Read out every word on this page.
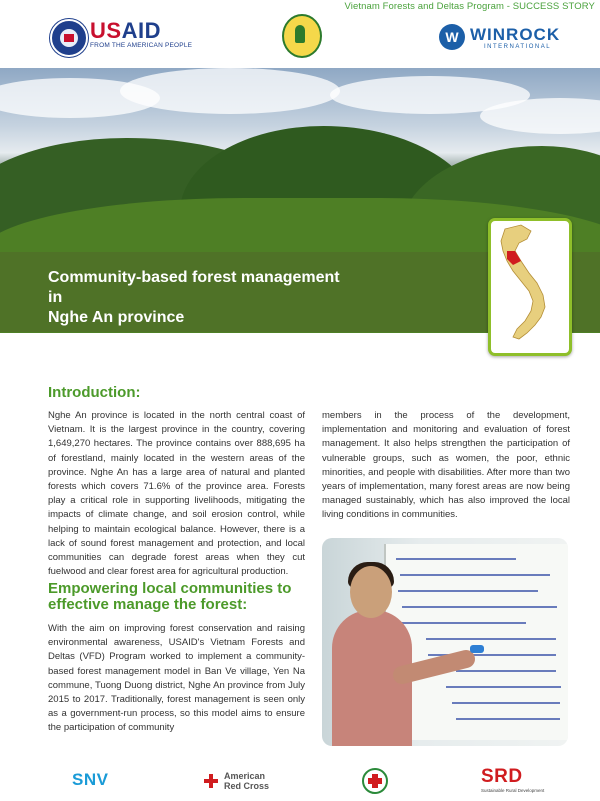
Vietnam Forests and Deltas Program - SUCCESS STORY
USAID
FROM THE AMERICAN PEOPLE
W WINROCK
INTERNATIONAL
Community-based forest management in
Nghe An province
Introduction:
Nghe An province is located in the north central coast of Vietnam. It is the largest province in the country, covering 1,649,270 hectares. The province contains over 888,695 ha of forestland, mainly located in the western areas of the province. Nghe An has a large area of natural and planted forests which covers 71.6% of the province area. Forests play a critical role in supporting livelihoods, mitigating the impacts of climate change, and soil erosion control, while helping to maintain ecological balance. However, there is a lack of sound forest management and protection, and local communities can degrade forest areas when they cut fuelwood and clear forest area for agricultural production.
Empowering local communities to effective manage the forest:
With the aim on improving forest conservation and raising environmental awareness, USAID's Vietnam Forests and Deltas (VFD) Program worked to implement a community-based forest management model in Ban Ve village, Yen Na commune, Tuong Duong district, Nghe An province from July 2015 to 2017. Traditionally, forest management is seen only as a government-run process, so this model aims to ensure the participation of community
members in the process of the development, implementation and monitoring and evaluation of forest management. It also helps strengthen the participation of vulnerable groups, such as women, the poor, ethnic minorities, and people with disabilities. After more than two years of implementation, many forest areas are now being managed sustainably, which has also improved the local living conditions in communities.
SNV	American
Red Cross	SRD
Sustainable Rural Development
